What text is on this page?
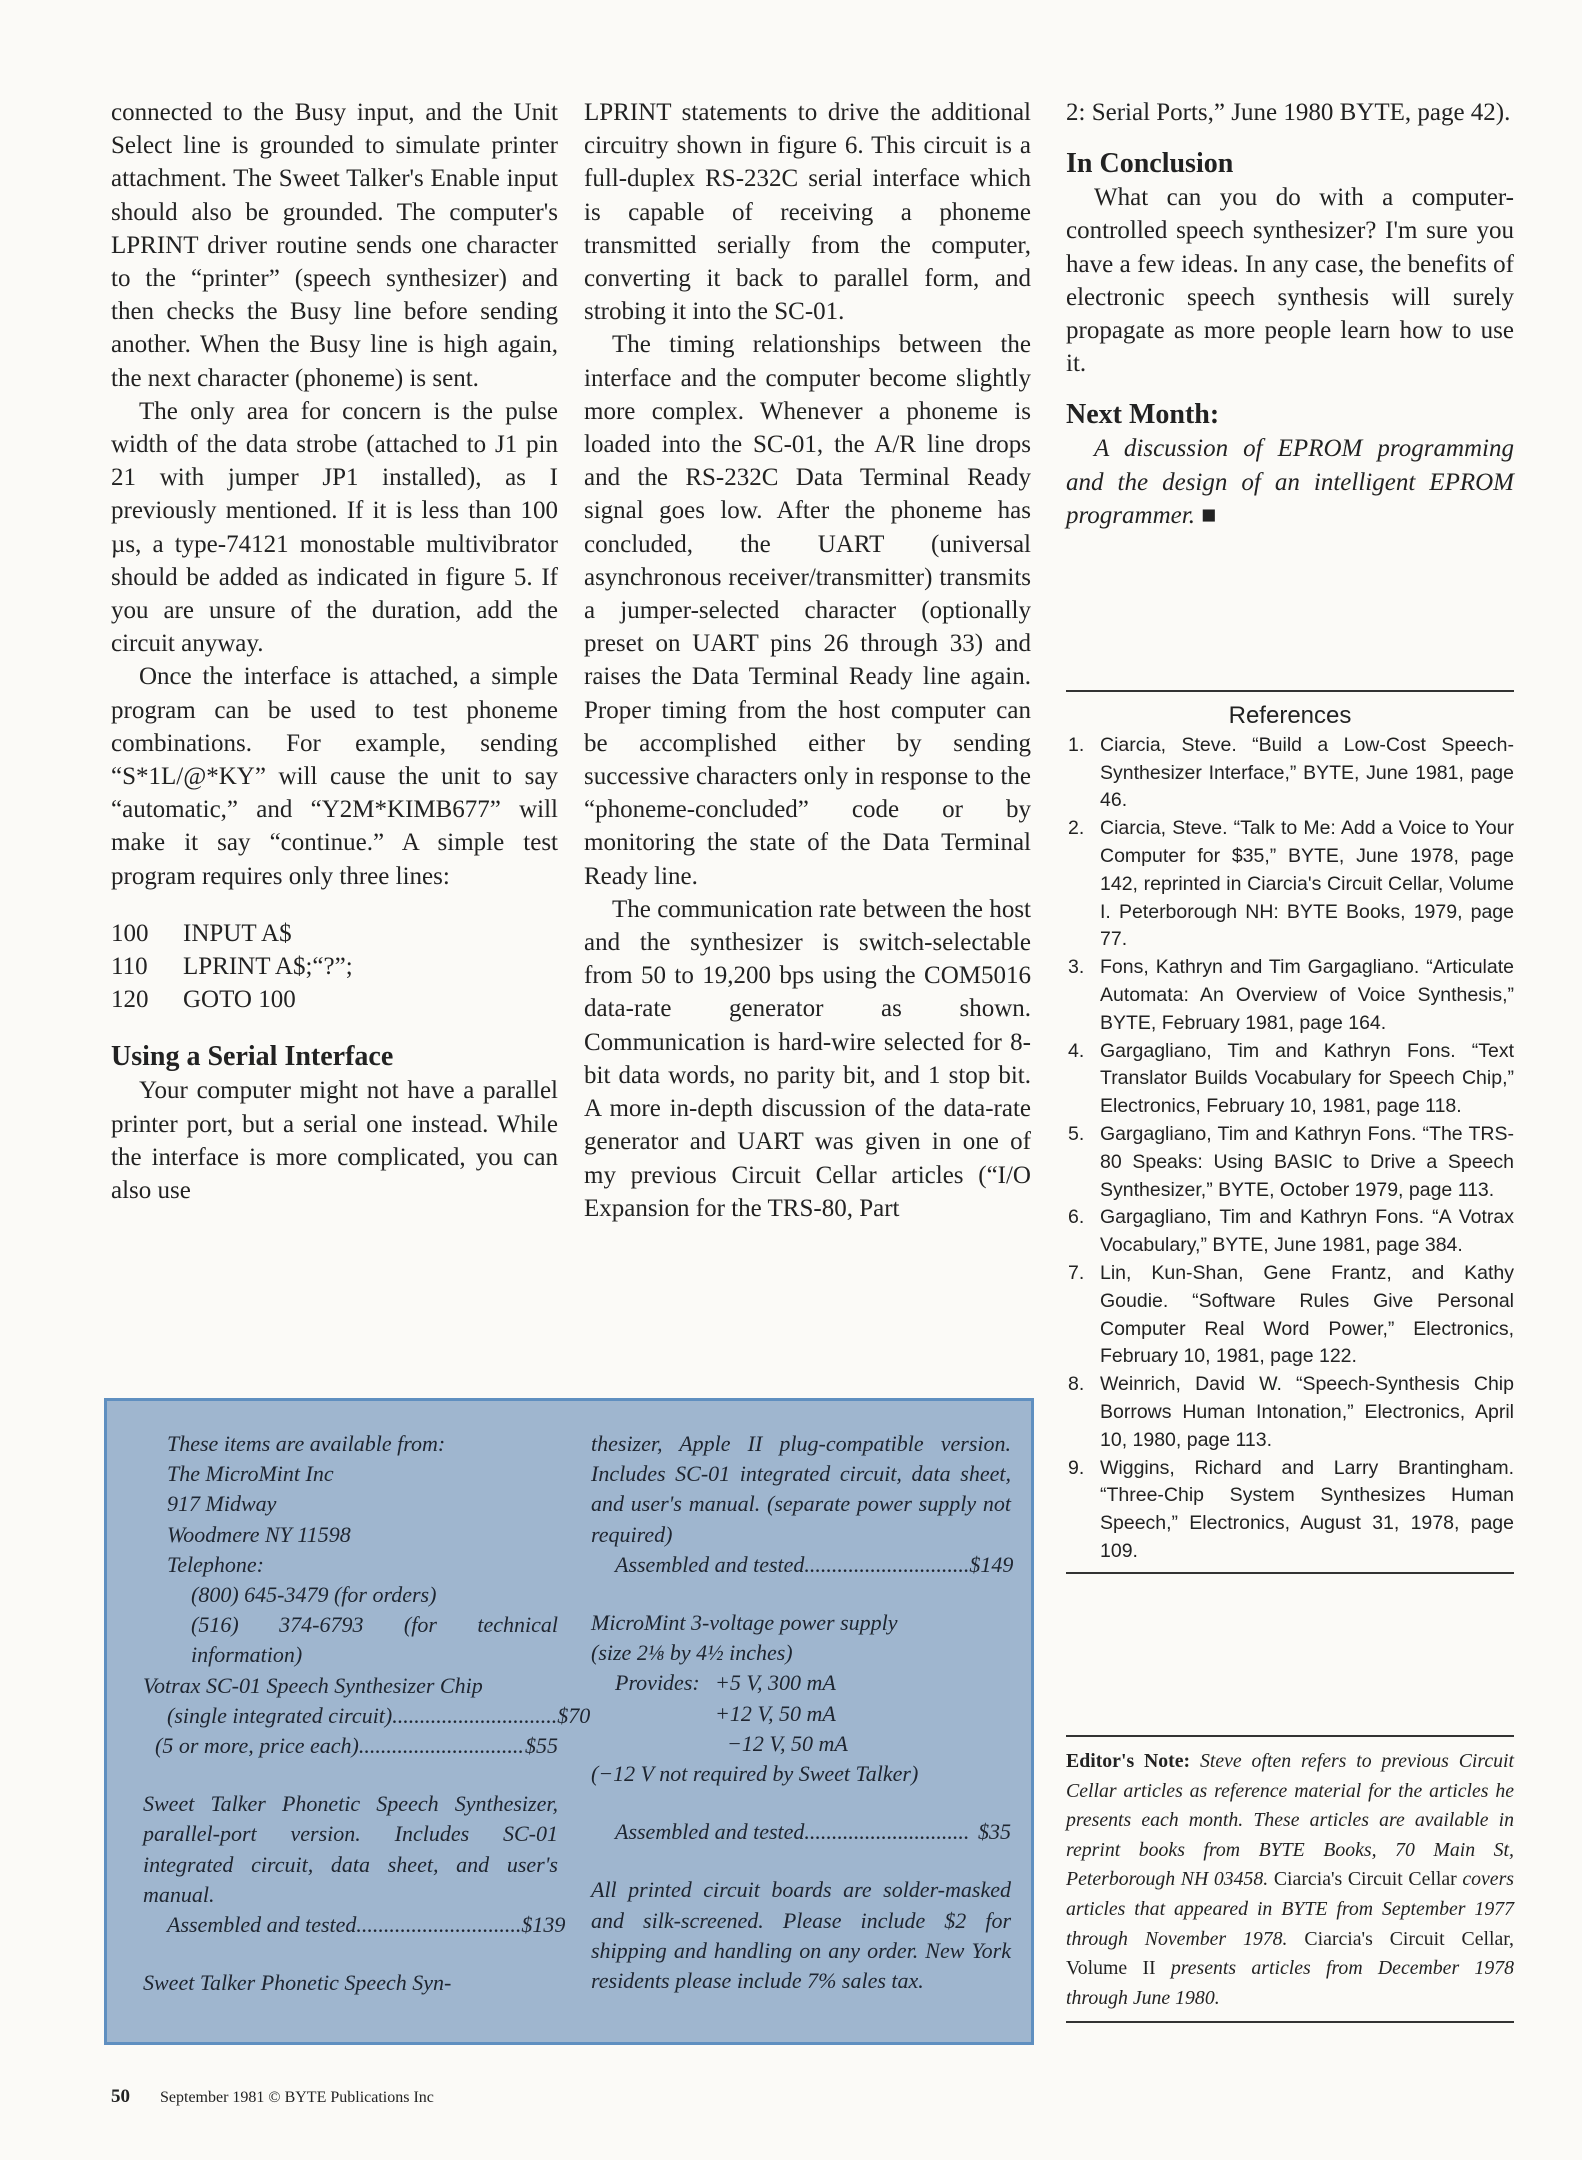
connected to the Busy input, and the Unit Select line is grounded to simulate printer attachment. The Sweet Talker's Enable input should also be grounded. The computer's LPRINT driver routine sends one character to the “printer” (speech synthesizer) and then checks the Busy line before sending another. When the Busy line is high again, the next character (phoneme) is sent.

The only area for concern is the pulse width of the data strobe (attached to J1 pin 21 with jumper JP1 installed), as I previously mentioned. If it is less than 100 µs, a type-74121 monostable multivibrator should be added as indicated in figure 5. If you are unsure of the duration, add the circuit anyway.

Once the interface is attached, a simple program can be used to test phoneme combinations. For example, sending “S*1L/@*KY” will cause the unit to say “automatic,” and “Y2M*KIMB677” will make it say “continue.” A simple test program requires only three lines:

100	INPUT A$
110	LPRINT A$;“?”;
120	GOTO 100
Using a Serial Interface

Your computer might not have a parallel printer port, but a serial one instead. While the interface is more complicated, you can also use

LPRINT statements to drive the additional circuitry shown in figure 6. This circuit is a full-duplex RS-232C serial interface which is capable of receiving a phoneme transmitted serially from the computer, converting it back to parallel form, and strobing it into the SC-01.

The timing relationships between the interface and the computer become slightly more complex. Whenever a phoneme is loaded into the SC-01, the A/R line drops and the RS-232C Data Terminal Ready signal goes low. After the phoneme has concluded, the UART (universal asynchronous receiver/transmitter) transmits a jumper-selected character (optionally preset on UART pins 26 through 33) and raises the Data Terminal Ready line again. Proper timing from the host computer can be accomplished either by sending successive characters only in response to the “phoneme-concluded” code or by monitoring the state of the Data Terminal Ready line.

The communication rate between the host and the synthesizer is switch-selectable from 50 to 19,200 bps using the COM5016 data-rate generator as shown. Communication is hard-wire selected for 8-bit data words, no parity bit, and 1 stop bit. A more in-depth discussion of the data-rate generator and UART was given in one of my previous Circuit Cellar articles (“I/O Expansion for the TRS-80, Part

2: Serial Ports,” June 1980 BYTE, page 42).

In Conclusion

What can you do with a computer-controlled speech synthesizer? I'm sure you have a few ideas. In any case, the benefits of electronic speech synthesis will surely propagate as more people learn how to use it.

Next Month:

A discussion of EPROM programming and the design of an intelligent EPROM programmer. ■

References
1. Ciarcia, Steve. “Build a Low-Cost Speech-Synthesizer Interface,” BYTE, June 1981, page 46.
2. Ciarcia, Steve. “Talk to Me: Add a Voice to Your Computer for $35,” BYTE, June 1978, page 142, reprinted in Ciarcia's Circuit Cellar, Volume I. Peterborough NH: BYTE Books, 1979, page 77.
3. Fons, Kathryn and Tim Gargagliano. “Articulate Automata: An Overview of Voice Synthesis,” BYTE, February 1981, page 164.
4. Gargagliano, Tim and Kathryn Fons. “Text Translator Builds Vocabulary for Speech Chip,” Electronics, February 10, 1981, page 118.
5. Gargagliano, Tim and Kathryn Fons. “The TRS-80 Speaks: Using BASIC to Drive a Speech Synthesizer,” BYTE, October 1979, page 113.
6. Gargagliano, Tim and Kathryn Fons. “A Votrax Vocabulary,” BYTE, June 1981, page 384.
7. Lin, Kun-Shan, Gene Frantz, and Kathy Goudie. “Software Rules Give Personal Computer Real Word Power,” Electronics, February 10, 1981, page 122.
8. Weinrich, David W. “Speech-Synthesis Chip Borrows Human Intonation,” Electronics, April 10, 1980, page 113.
9. Wiggins, Richard and Larry Brantingham. “Three-Chip System Synthesizes Human Speech,” Electronics, August 31, 1978, page 109.
Editor's Note: Steve often refers to previous Circuit Cellar articles as reference material for the articles he presents each month. These articles are available in reprint books from BYTE Books, 70 Main St, Peterborough NH 03458. Ciarcia's Circuit Cellar covers articles that appeared in BYTE from September 1977 through November 1978. Ciarcia's Circuit Cellar, Volume II presents articles from December 1978 through June 1980.
These items are available from:
The MicroMint Inc
917 Midway
Woodmere NY 11598
Telephone:
(800) 645-3479 (for orders)
(516) 374-6793 (for technical information)
Votrax SC-01 Speech Synthesizer Chip
(single integrated circuit) .............................. $70
(5 or more, price each) .............................. $55
Sweet Talker Phonetic Speech Synthesizer, parallel-port version. Includes SC-01 integrated circuit, data sheet, and user's manual.
Assembled and tested .............................. $139
Sweet Talker Phonetic Speech Syn-
thesizer, Apple II plug-compatible version. Includes SC-01 integrated circuit, data sheet, and user's manual. (separate power supply not required)
Assembled and tested .............................. $149
MicroMint 3-voltage power supply
(size 2⅛ by 4½ inches)
Provides: +5 V, 300 mA
+12 V, 50 mA
−12 V, 50 mA
(−12 V not required by Sweet Talker)
Assembled and tested .............................. $35
All printed circuit boards are solder-masked and silk-screened. Please include $2 for shipping and handling on any order. New York residents please include 7% sales tax.
50 September 1981 © BYTE Publications Inc
